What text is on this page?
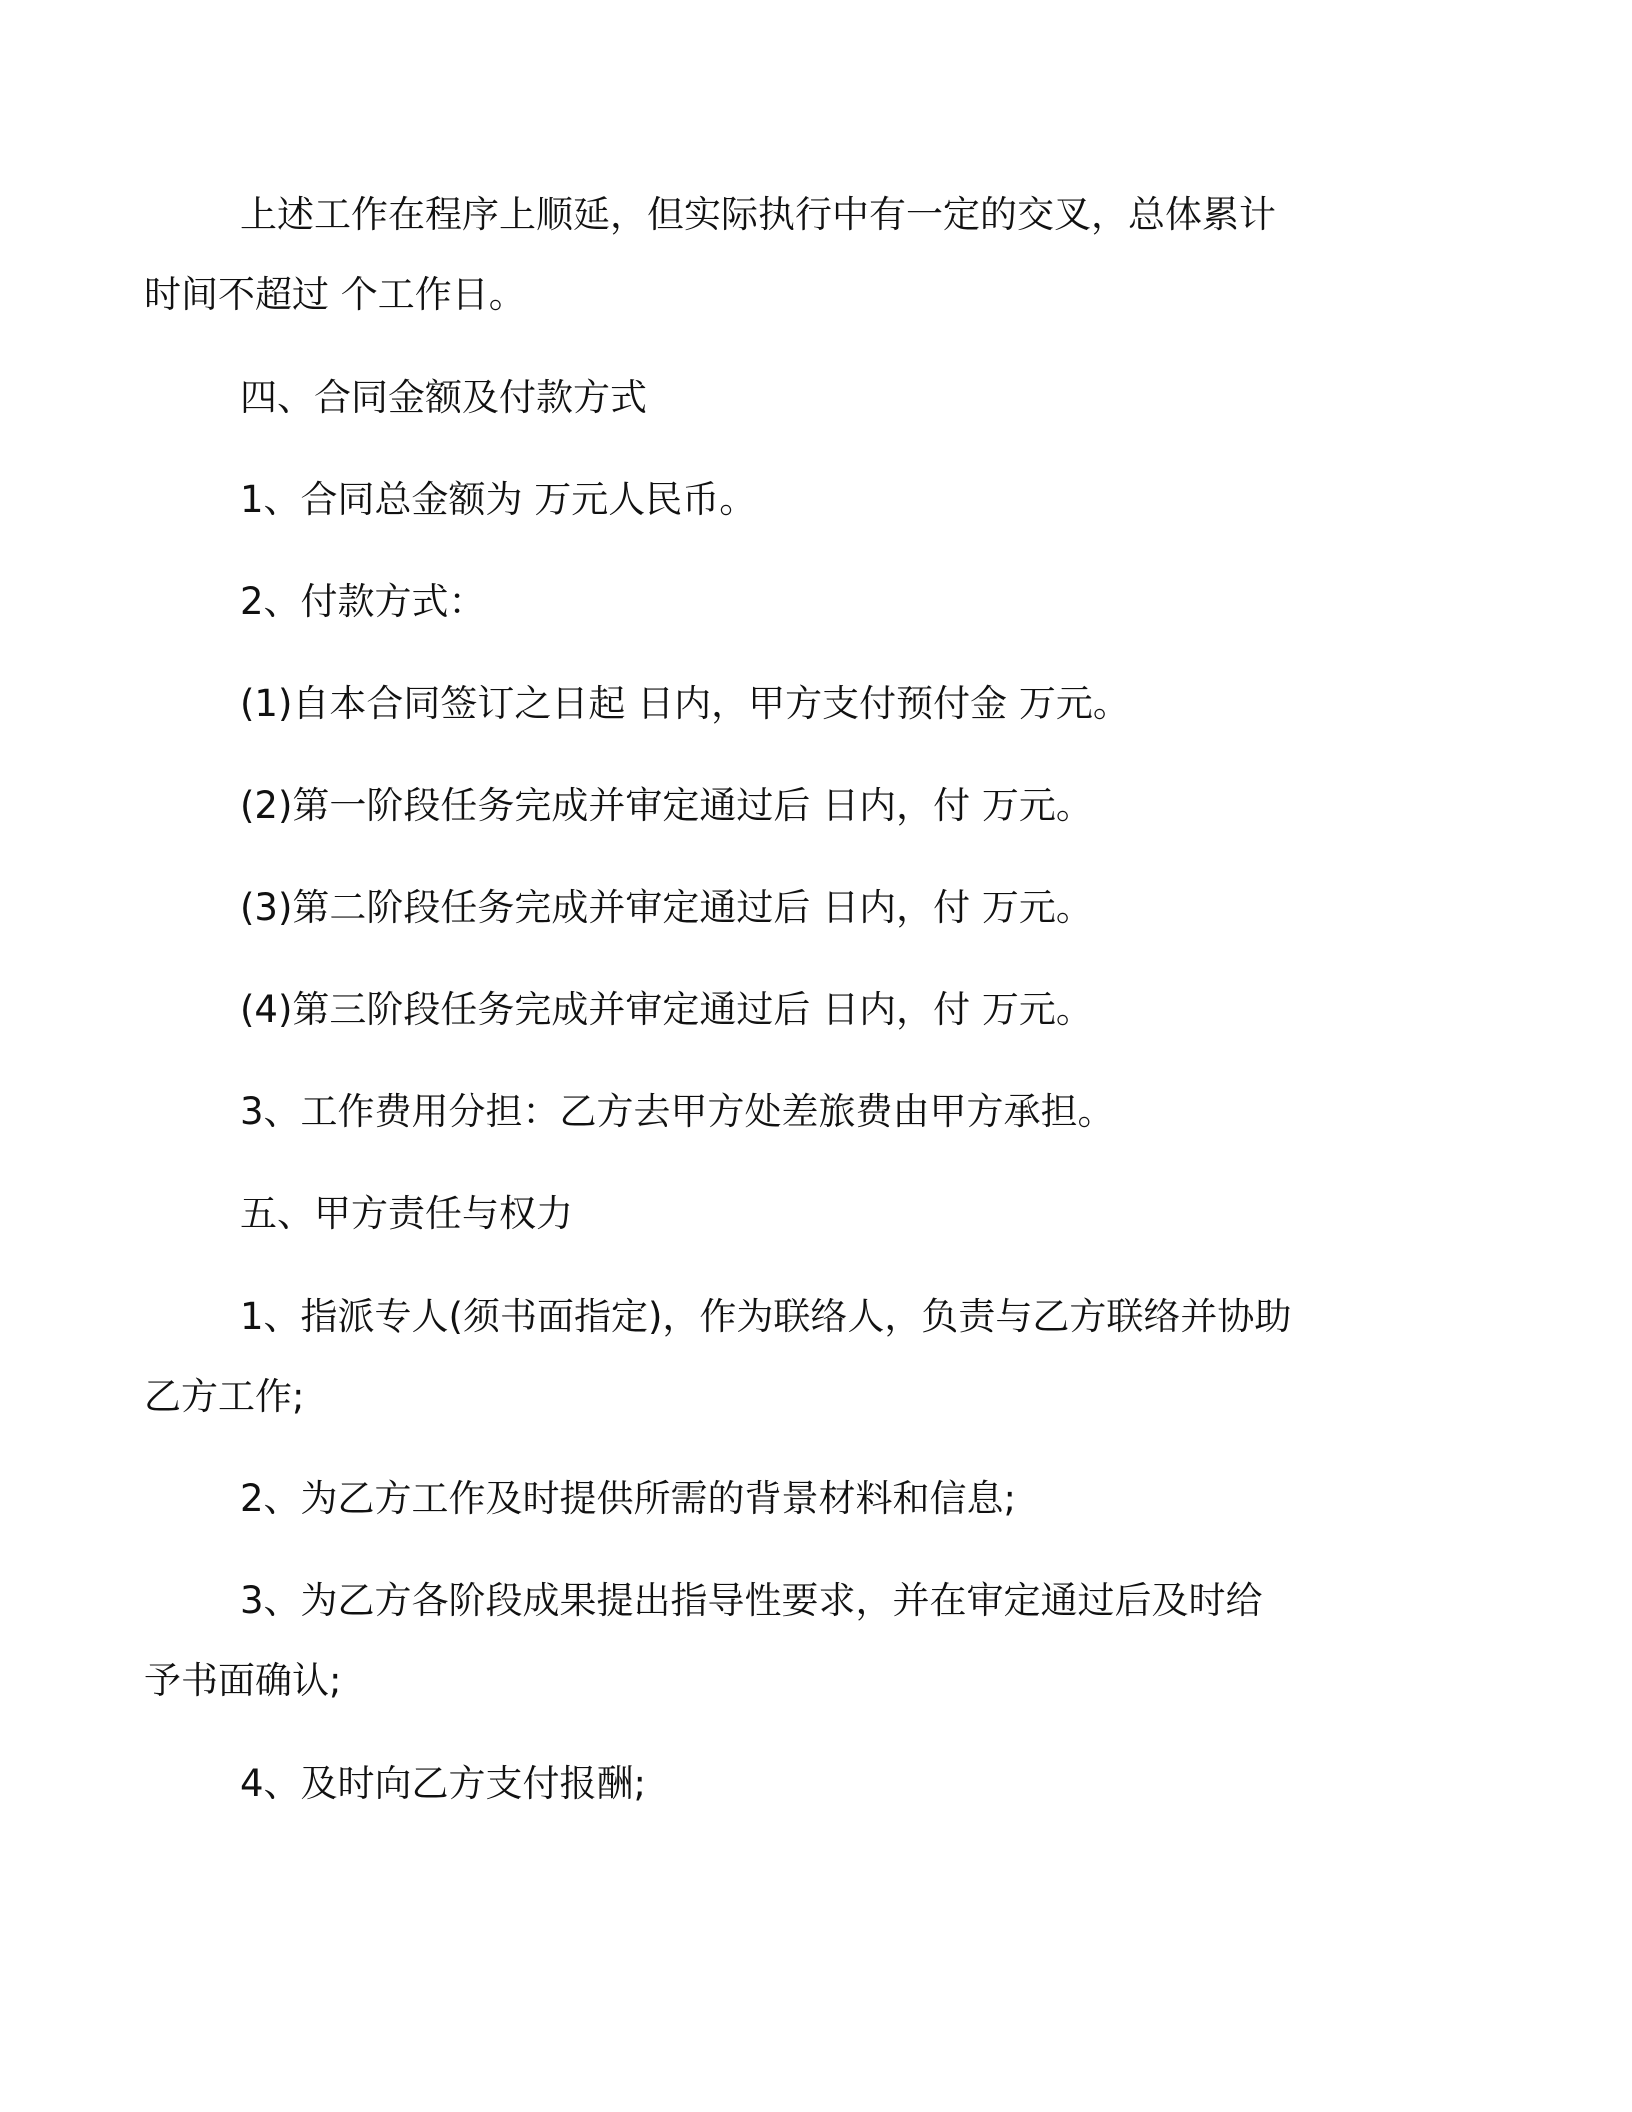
上述工作在程序上顺延，但实际执行中有一定的交叉，总体累计
时间不超过 个工作日。

四、合同金额及付款方式

1、合同总金额为 万元人民币。

2、付款方式：

(1)自本合同签订之日起 日内，甲方支付预付金 万元。

(2)第一阶段任务完成并审定通过后 日内，付 万元。

(3)第二阶段任务完成并审定通过后 日内，付 万元。

(4)第三阶段任务完成并审定通过后 日内，付 万元。

3、工作费用分担：乙方去甲方处差旅费由甲方承担。

五、甲方责任与权力

1、指派专人(须书面指定)，作为联络人，负责与乙方联络并协助
乙方工作;

2、为乙方工作及时提供所需的背景材料和信息;

3、为乙方各阶段成果提出指导性要求，并在审定通过后及时给
予书面确认;

4、及时向乙方支付报酬;
